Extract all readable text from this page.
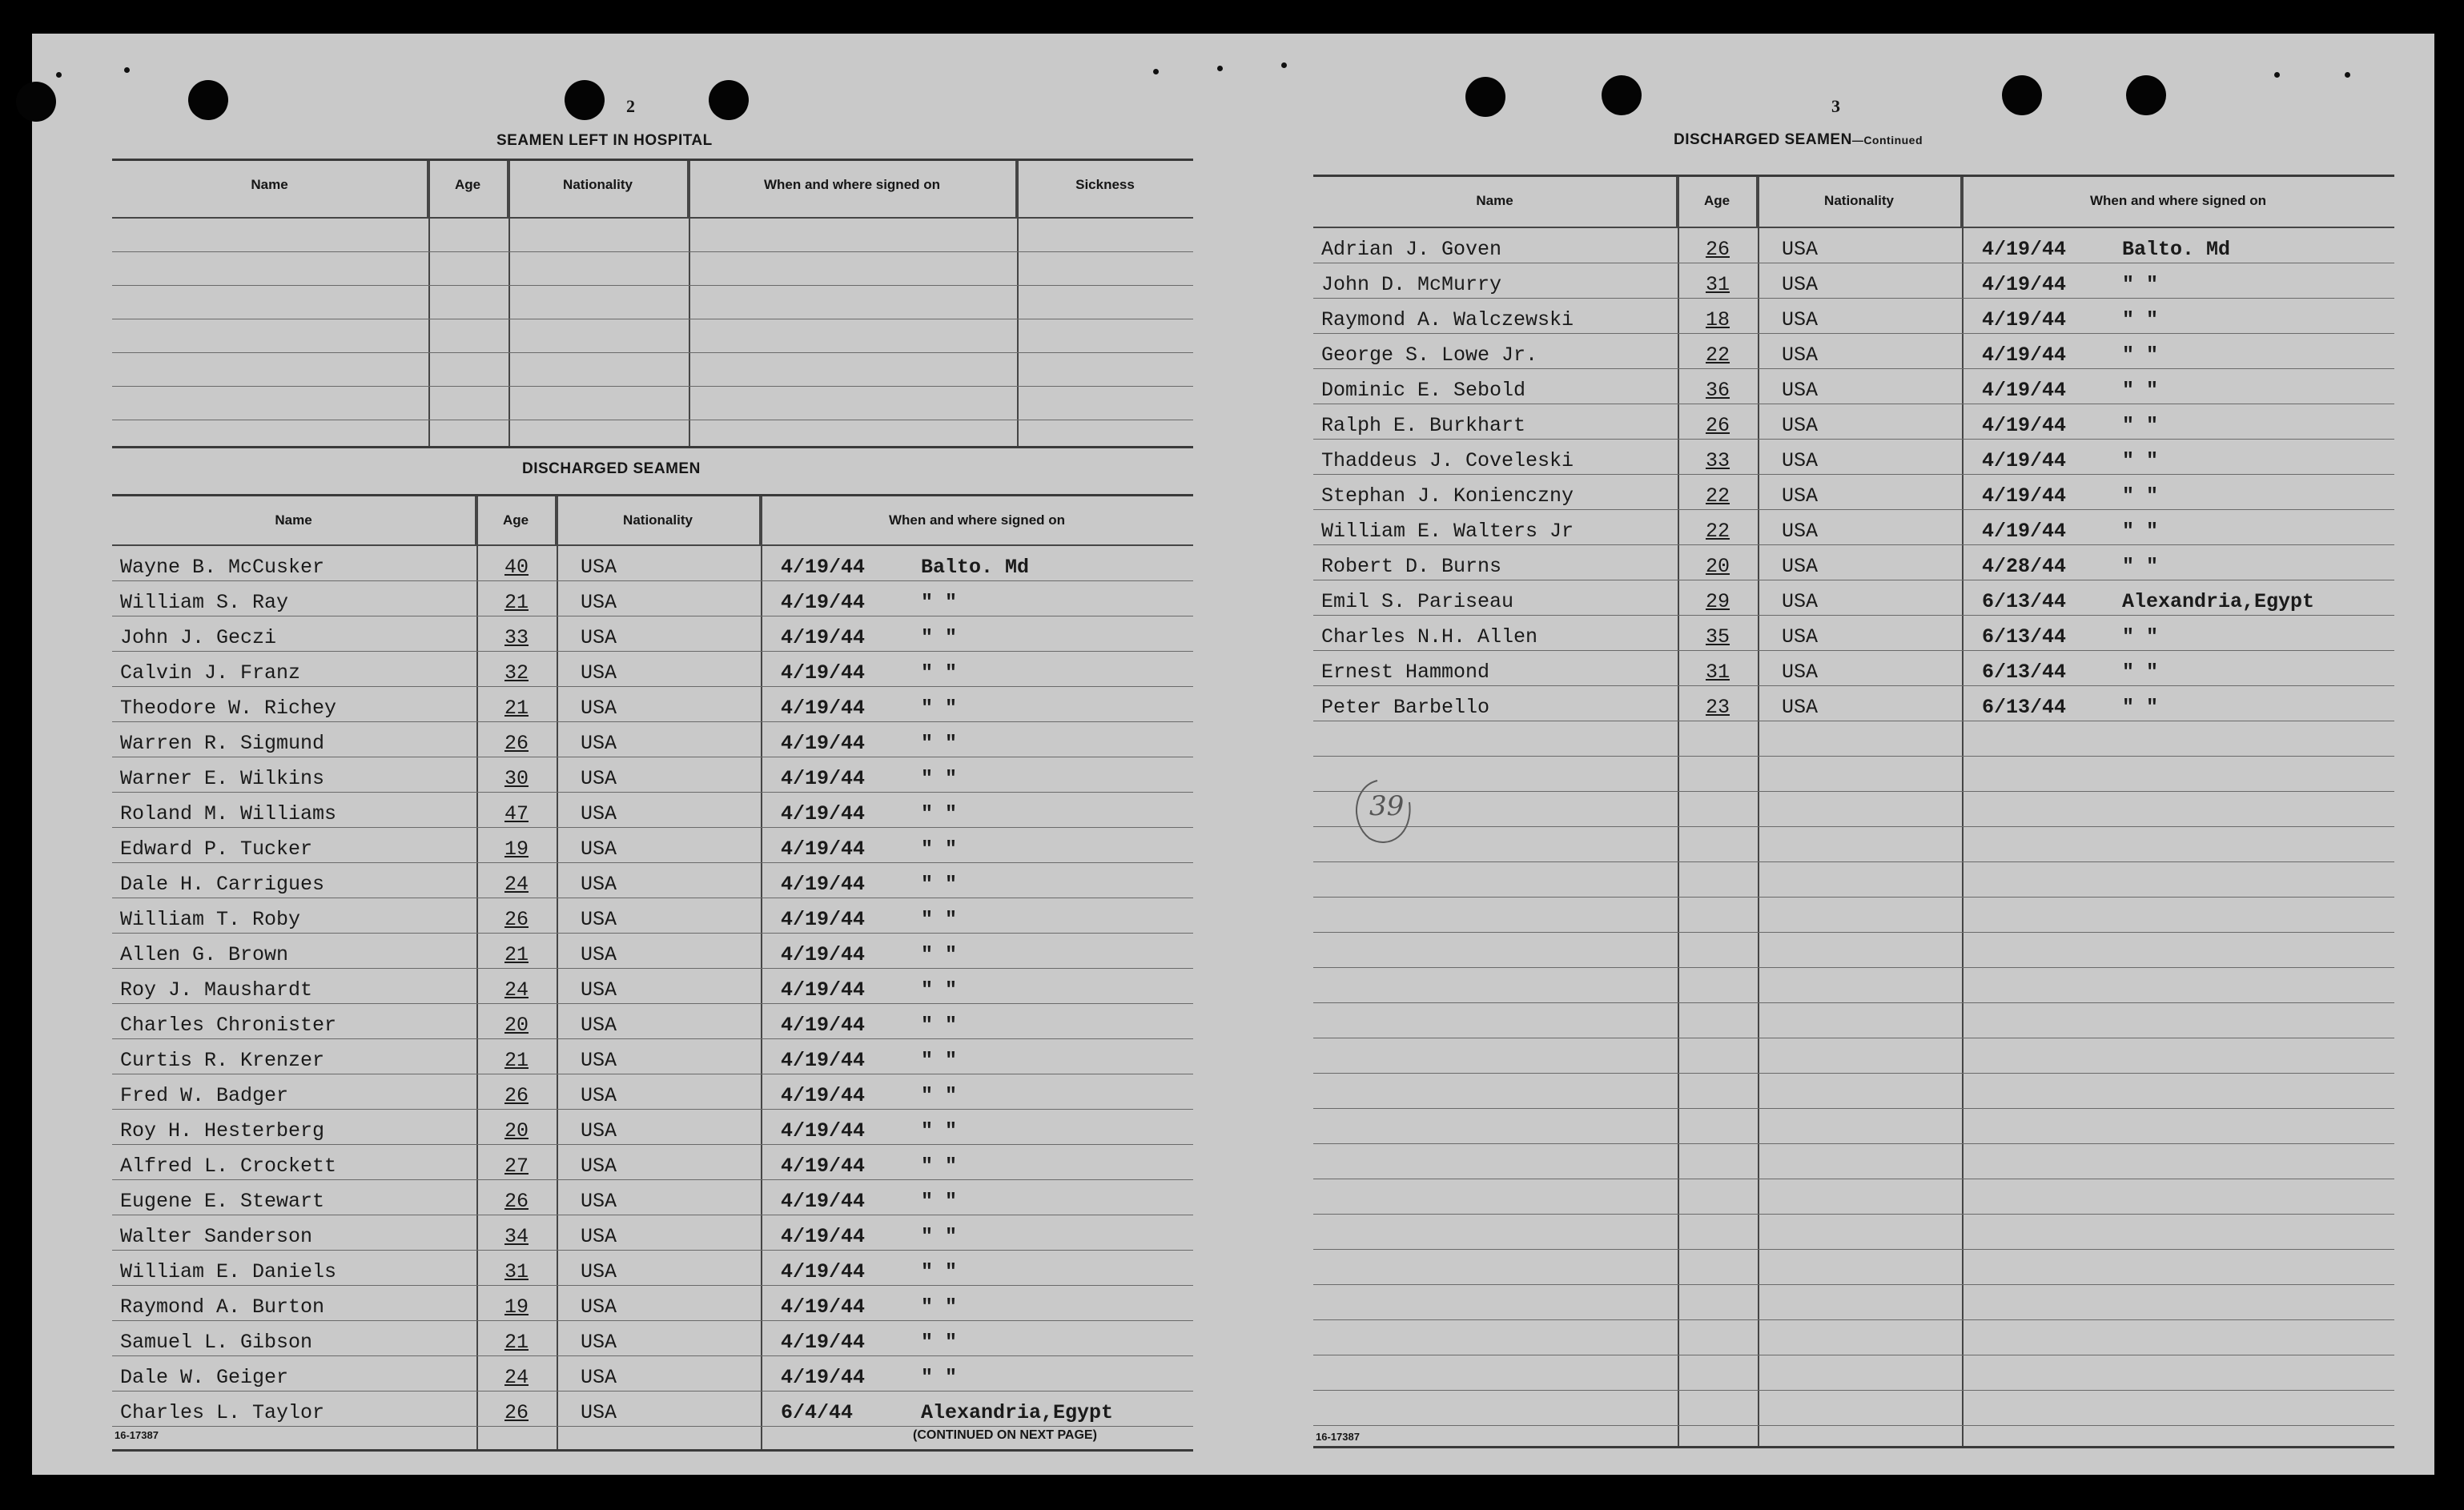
2
SEAMEN LEFT IN HOSPITAL
Name	Age	Nationality	When and where signed on	Sickness
DISCHARGED SEAMEN
Name	Age	Nationality	When and where signed on
Wayne B. McCusker	40	USA	4/19/44	Balto. Md
William S. Ray	21	USA	4/19/44	" "
John J. Geczi	33	USA	4/19/44	" "
Calvin J. Franz	32	USA	4/19/44	" "
Theodore W. Richey	21	USA	4/19/44	" "
Warren R. Sigmund	26	USA	4/19/44	" "
Warner E. Wilkins	30	USA	4/19/44	" "
Roland M. Williams	47	USA	4/19/44	" "
Edward P. Tucker	19	USA	4/19/44	" "
Dale H. Carrigues	24	USA	4/19/44	" "
William T. Roby	26	USA	4/19/44	" "
Allen G. Brown	21	USA	4/19/44	" "
Roy J. Maushardt	24	USA	4/19/44	" "
Charles Chronister	20	USA	4/19/44	" "
Curtis R. Krenzer	21	USA	4/19/44	" "
Fred W. Badger	26	USA	4/19/44	" "
Roy H. Hesterberg	20	USA	4/19/44	" "
Alfred L. Crockett	27	USA	4/19/44	" "
Eugene E. Stewart	26	USA	4/19/44	" "
Walter Sanderson	34	USA	4/19/44	" "
William E. Daniels	31	USA	4/19/44	" "
Raymond A. Burton	19	USA	4/19/44	" "
Samuel L. Gibson	21	USA	4/19/44	" "
Dale W. Geiger	24	USA	4/19/44	" "
Charles L. Taylor	26	USA	6/4/44	Alexandria,Egypt
16-17387	(CONTINUED ON NEXT PAGE)
3
DISCHARGED SEAMEN—Continued
Name	Age	Nationality	When and where signed on
Adrian J. Goven	26	USA	4/19/44	Balto. Md
John D. McMurry	31	USA	4/19/44	" "
Raymond A. Walczewski	18	USA	4/19/44	" "
George S. Lowe Jr.	22	USA	4/19/44	" "
Dominic E. Sebold	36	USA	4/19/44	" "
Ralph E. Burkhart	26	USA	4/19/44	" "
Thaddeus J. Coveleski	33	USA	4/19/44	" "
Stephan J. Konienczny	22	USA	4/19/44	" "
William E. Walters Jr	22	USA	4/19/44	" "
Robert D. Burns	20	USA	4/28/44	" "
Emil S. Pariseau	29	USA	6/13/44	Alexandria,Egypt
Charles N.H. Allen	35	USA	6/13/44	" "
Ernest Hammond	31	USA	6/13/44	" "
Peter Barbello	23	USA	6/13/44	" "
39
16-17387
